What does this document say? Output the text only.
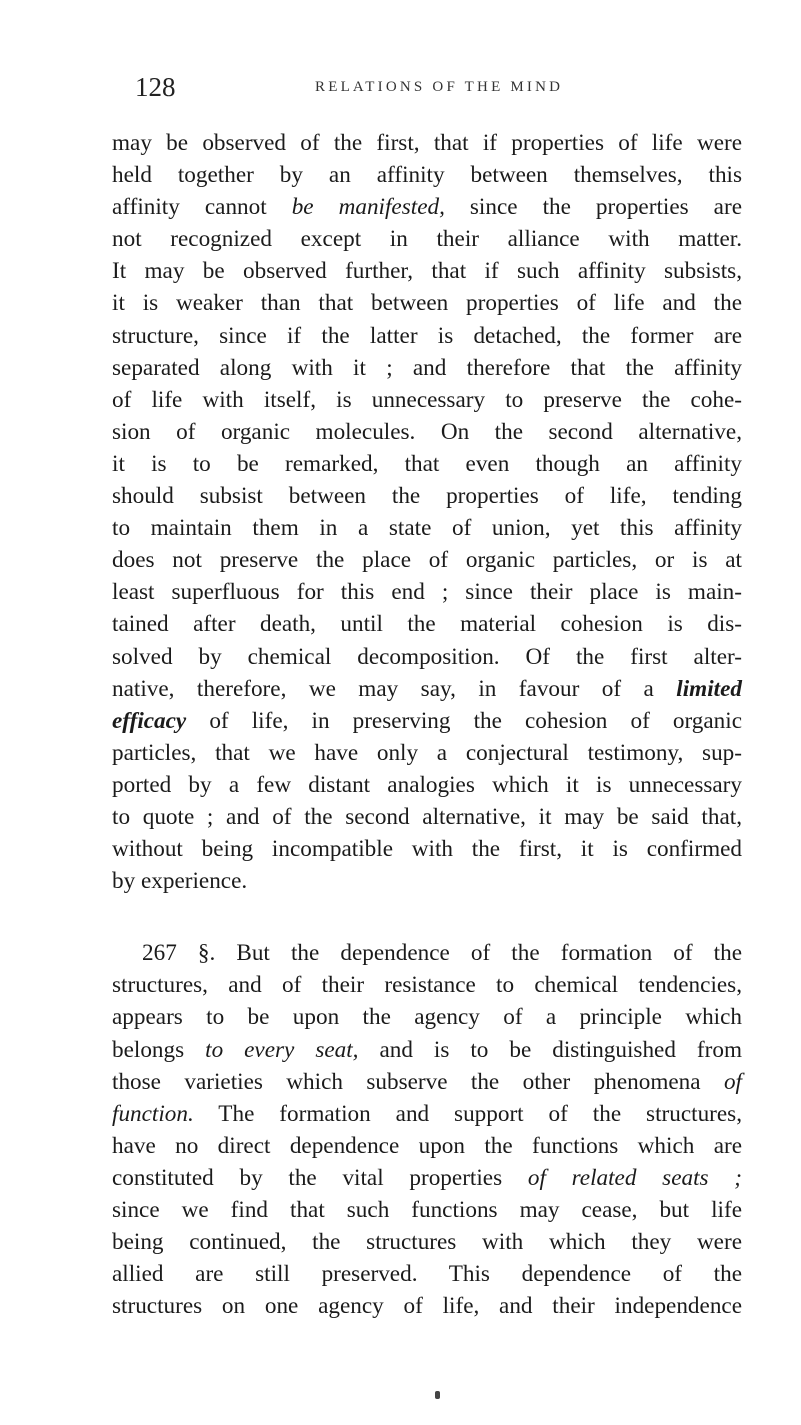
128	RELATIONS OF THE MIND
may be observed of the first, that if properties of life were
held together by an affinity between themselves, this
affinity cannot be manifested, since the properties are
not recognized except in their alliance with matter.
It may be observed further, that if such affinity subsists,
it is weaker than that between properties of life and the
structure, since if the latter is detached, the former are
separated along with it ; and therefore that the affinity
of life with itself, is unnecessary to preserve the cohe-
sion of organic molecules. On the second alternative,
it is to be remarked, that even though an affinity
should subsist between the properties of life, tending
to maintain them in a state of union, yet this affinity
does not preserve the place of organic particles, or is at
least superfluous for this end ; since their place is main-
tained after death, until the material cohesion is dis-
solved by chemical decomposition. Of the first alter-
native, therefore, we may say, in favour of a limited
efficacy of life, in preserving the cohesion of organic
particles, that we have only a conjectural testimony, sup-
ported by a few distant analogies which it is unnecessary
to quote ; and of the second alternative, it may be said that,
without being incompatible with the first, it is confirmed
by experience.
267 §. But the dependence of the formation of the
structures, and of their resistance to chemical tendencies,
appears to be upon the agency of a principle which
belongs to every seat, and is to be distinguished from
those varieties which subserve the other phenomena of
function. The formation and support of the structures,
have no direct dependence upon the functions which are
constituted by the vital properties of related seats ;
since we find that such functions may cease, but life
being continued, the structures with which they were
allied are still preserved. This dependence of the
structures on one agency of life, and their independence
